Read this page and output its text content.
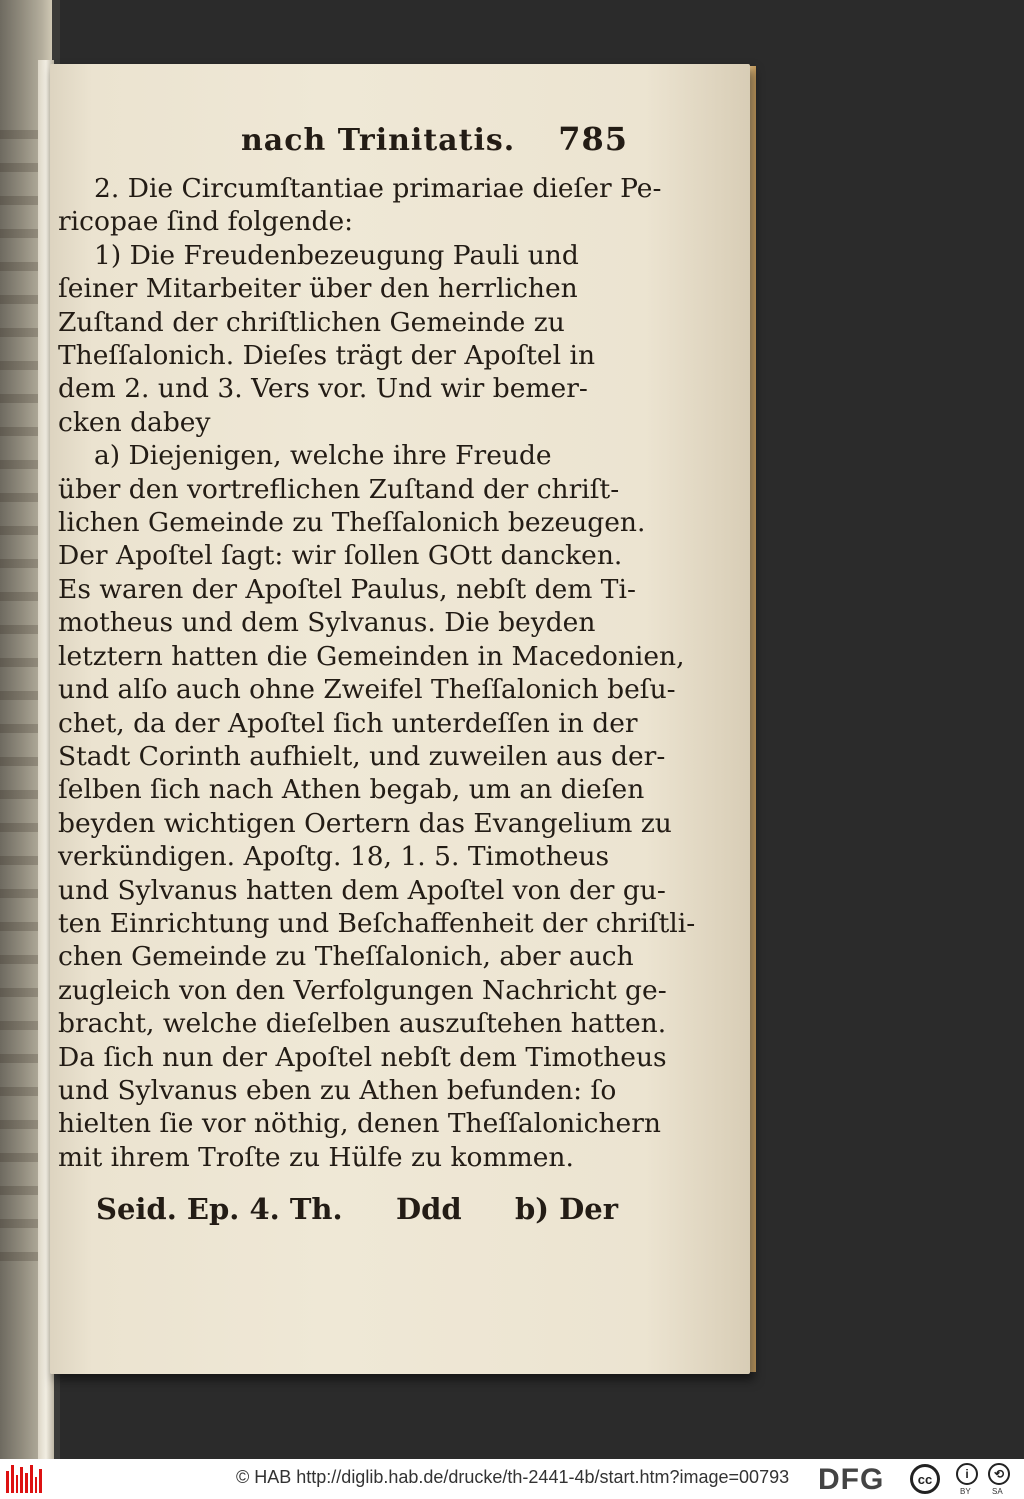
nach Trinitatis. 785
2. Die Circumſtantiae primariae dieſer Pe-
ricopae ſind folgende:
1) Die Freudenbezeugung Pauli und
ſeiner Mitarbeiter über den herrlichen
Zuſtand der chriſtlichen Gemeinde zu
Theſſalonich. Dieſes trägt der Apoſtel in
dem 2. und 3. Vers vor. Und wir bemer-
cken dabey
a) Diejenigen, welche ihre Freude
über den vortreflichen Zuſtand der chriſt-
lichen Gemeinde zu Theſſalonich bezeugen.
Der Apoſtel ſagt: wir ſollen GOtt dancken.
Es waren der Apoſtel Paulus, nebſt dem Ti-
motheus und dem Sylvanus. Die beyden
letztern hatten die Gemeinden in Macedonien,
und alſo auch ohne Zweifel Theſſalonich beſu-
chet, da der Apoſtel ſich unterdeſſen in der
Stadt Corinth aufhielt, und zuweilen aus der-
ſelben ſich nach Athen begab, um an dieſen
beyden wichtigen Oertern das Evangelium zu
verkündigen. Apoſtg. 18, 1. 5. Timotheus
und Sylvanus hatten dem Apoſtel von der gu-
ten Einrichtung und Beſchaffenheit der chriſtli-
chen Gemeinde zu Theſſalonich, aber auch
zugleich von den Verfolgungen Nachricht ge-
bracht, welche dieſelben auszuſtehen hatten.
Da ſich nun der Apoſtel nebſt dem Timotheus
und Sylvanus eben zu Athen befunden: ſo
hielten ſie vor nöthig, denen Theſſalonichern
mit ihrem Troſte zu Hülfe zu kommen.
Seid. Ep. 4. Th. Ddd b) Der
© HAB http://diglib.hab.de/drucke/th-2441-4b/start.htm?image=00793 DFG	cc	i
BY
⟲
SA
